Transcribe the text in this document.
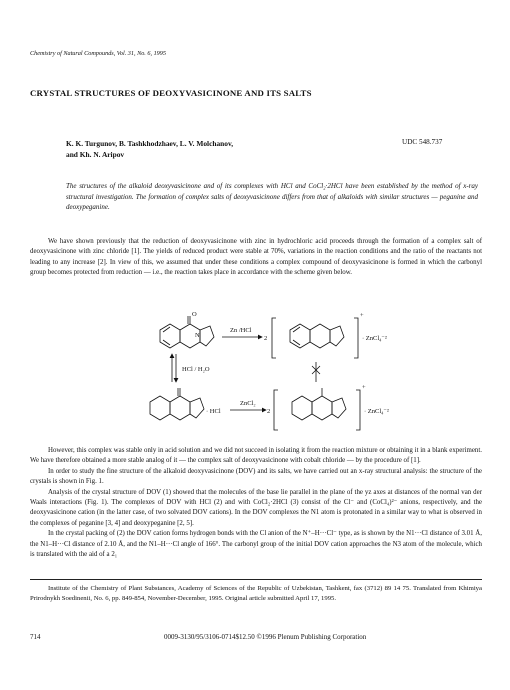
Chemistry of Natural Compounds, Vol. 31, No. 6, 1995
CRYSTAL STRUCTURES OF DEOXYVASICINONE AND ITS SALTS
K. K. Turgunov, B. Tashkhodzhaev, L. V. Molchanov,
and Kh. N. Aripov
UDC 548.737
The structures of the alkaloid deoxyvasicinone and of its complexes with HCl and CoCl₂·2HCl have been established by the method of x-ray structural investigation. The formation of complex salts of deoxyvasicinone differs from that of alkaloids with similar structures — peganine and deoxypeganine.

We have shown previously that the reduction of deoxyvasicinone with zinc in hydrochloric acid proceeds through the formation of a complex salt of deoxyvasicinone with zinc chloride [1]. The yields of reduced product were stable at 70%, variations in the reaction conditions and the ratio of the reactants not leading to any increase [2]. In view of this, we assumed that under these conditions a complex compound of deoxyvasicinone is formed in which the carbonyl group becomes protected from reduction — i.e., the reaction takes place in accordance with the scheme given below.

O
N
Zn /HCl
2	· ZnCl₄⁻²
+
HCl / H₂O
· HCl
ZnCl₂
2	· ZnCl₄⁻²
+

However, this complex was stable only in acid solution and we did not succeed in isolating it from the reaction mixture or obtaining it in a blank experiment. We have therefore obtained a more stable analog of it — the complex salt of deoxyvasicinone with cobalt chloride — by the procedure of [1].

In order to study the fine structure of the alkaloid deoxyvasicinone (DOV) and its salts, we have carried out an x-ray structural analysis: the structure of the crystals is shown in Fig. 1.

Analysis of the crystal structure of DOV (1) showed that the molecules of the base lie parallel in the plane of the yz axes at distances of the normal van der Waals interactions (Fig. 1). The complexes of DOV with HCl (2) and with CoCl₂·2HCl (3) consist of the Cl⁻ and (CoCl₄)²⁻ anions, respectively, and the deoxyvasicinone cation (in the latter case, of two solvated DOV cations). In the DOV complexes the N1 atom is protonated in a similar way to what is observed in the complexes of peganine [3, 4] and deoxypeganine [2, 5].

In the crystal packing of (2) the DOV cation forms hydrogen bonds with the Cl anion of the N⁺–H···Cl⁻ type, as is shown by the N1···Cl distance of 3.01 Å, the N1–H···Cl distance of 2.10 Å, and the N1–H···Cl angle of 166°. The carbonyl group of the initial DOV cation approaches the N3 atom of the molecule, which is translated with the aid of a 2₁

Institute of the Chemistry of Plant Substances, Academy of Sciences of the Republic of Uzbekistan, Tashkent, fax (3712) 89 14 75. Translated from Khimiya Prirodnykh Soedinenii, No. 6, pp. 849-854, November-December, 1995. Original article submitted April 17, 1995.

714	0009-3130/95/3106-0714$12.50 ©1996 Plenum Publishing Corporation
